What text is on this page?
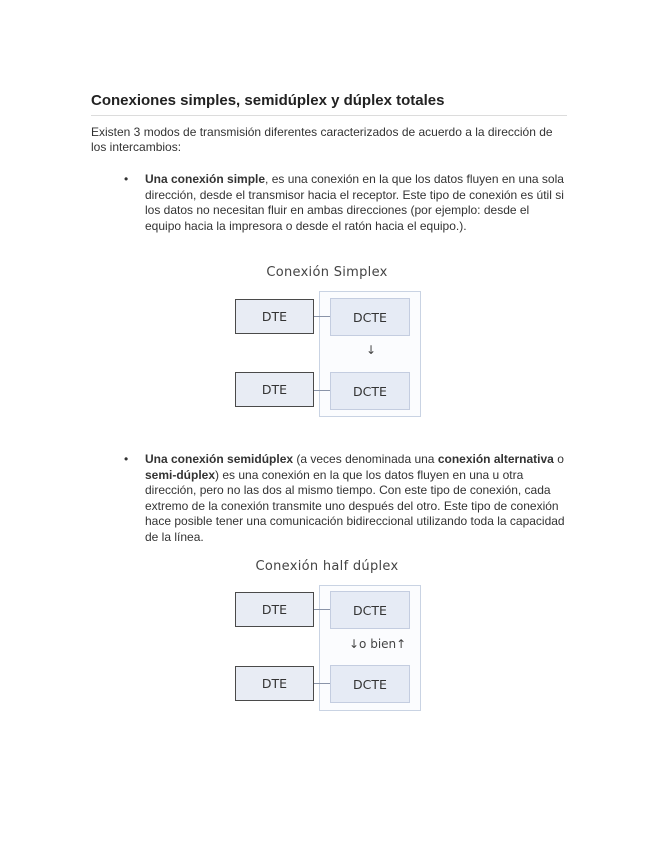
Conexiones simples, semidúplex y dúplex totales

Existen 3 modos de transmisión diferentes caracterizados de acuerdo a la dirección de los intercambios:

• Una conexión simple, es una conexión en la que los datos fluyen en una sola dirección, desde el transmisor hacia el receptor. Este tipo de conexión es útil si los datos no necesitan fluir en ambas direcciones (por ejemplo: desde el equipo hacia la impresora o desde el ratón hacia el equipo.).

Conexión Simplex
DTE	DCTE
↓
DTE	DCTE

• Una conexión semidúplex (a veces denominada una conexión alternativa o semi-dúplex) es una conexión en la que los datos fluyen en una u otra dirección, pero no las dos al mismo tiempo. Con este tipo de conexión, cada extremo de la conexión transmite uno después del otro. Este tipo de conexión hace posible tener una comunicación bidireccional utilizando toda la capacidad de la línea.

Conexión half dúplex
DTE	DCTE
↓o bien↑
DTE	DCTE
